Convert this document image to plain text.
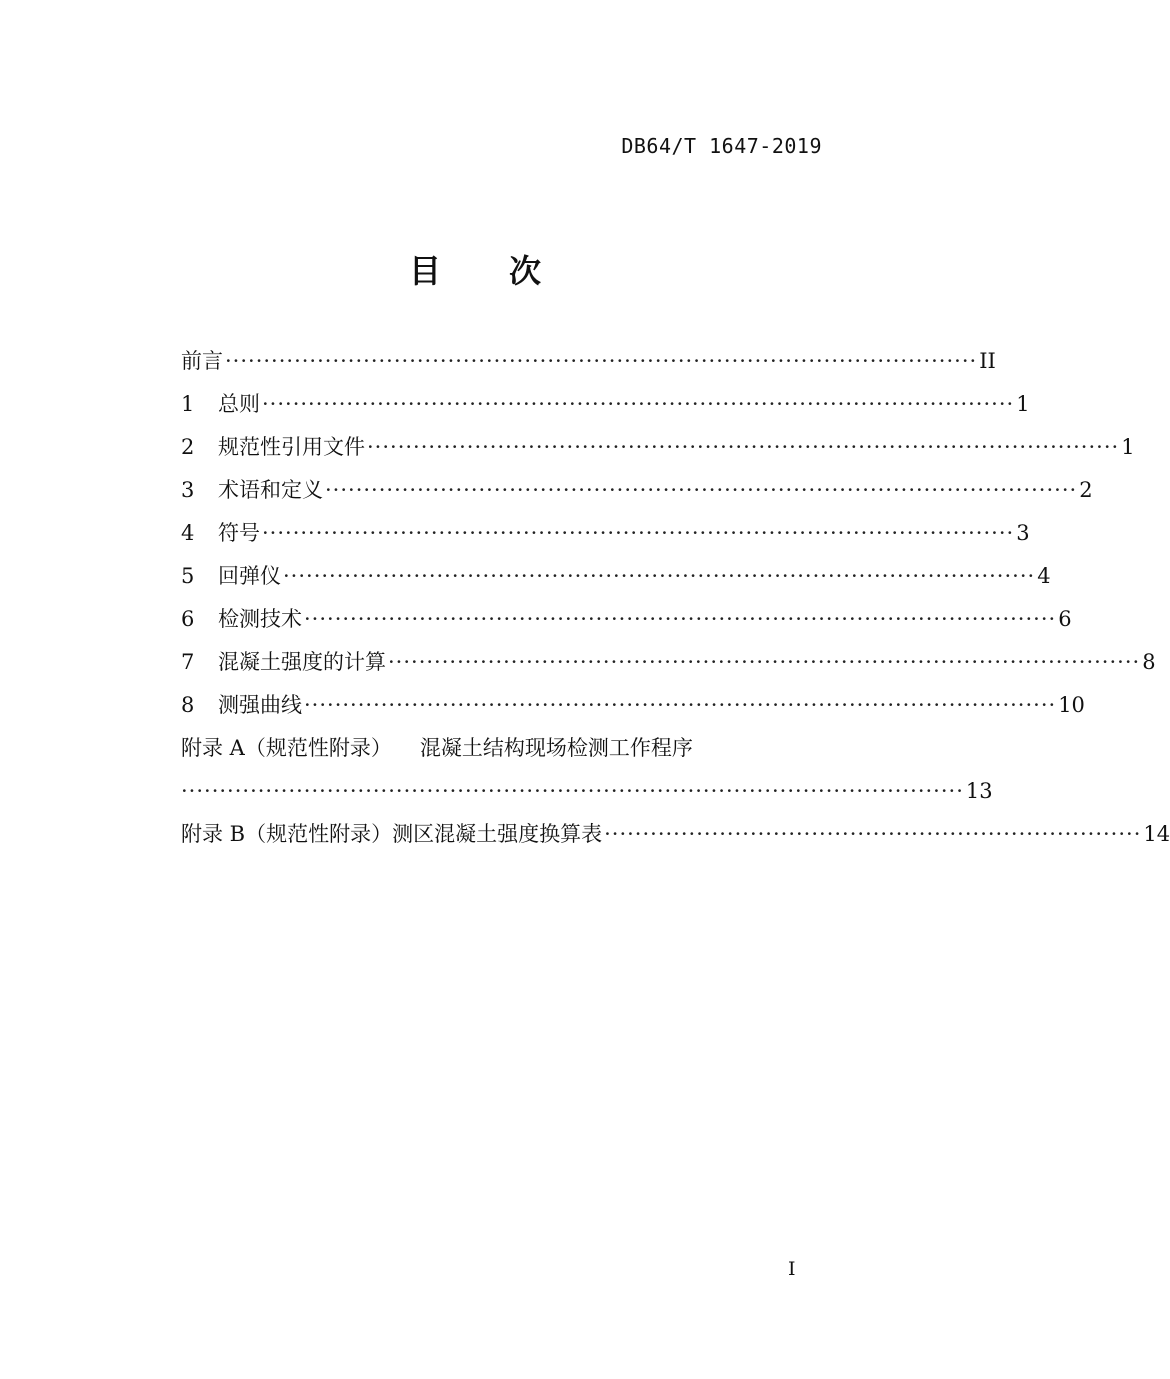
DB64/T 1647-2019
目 次
前言 ·································································································· II
1	总则 ·································································································· 1
2	规范性引用文件 ·································································································· 1
3	术语和定义 ·································································································· 2
4	符号 ·································································································· 3
5	回弹仪 ·································································································· 4
6	检测技术 ·································································································· 6
7	混凝土强度的计算 ·································································································· 8
8	测强曲线 ·································································································· 10
附录 A（规范性附录） 混凝土结构现场检测工作程序
······································································································ 13
附录 B（规范性附录） 测区混凝土强度换算表 ······································································ 14
I
